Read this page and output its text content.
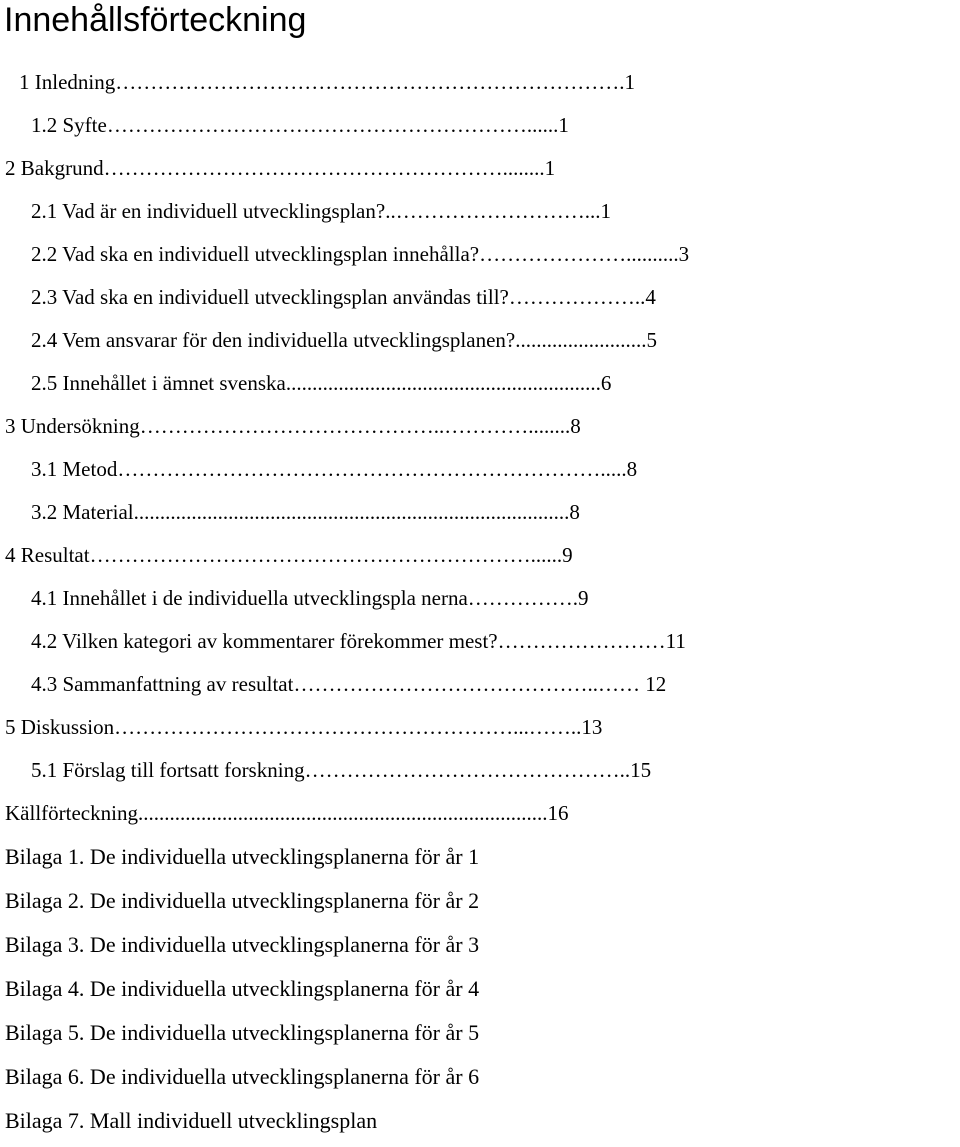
Innehållsförteckning
1 Inledning……………………………………………………………….1
1.2 Syfte……………………………………………………......1
2 Bakgrund…………………………………………………........1
2.1 Vad är en individuell utvecklingsplan?..………………………...1
2.2 Vad ska en individuell utvecklingsplan innehålla?…………………..........3
2.3 Vad ska en individuell utvecklingsplan användas till?………………..4
2.4 Vem ansvarar för den individuella utvecklingsplanen?.........................5
2.5 Innehållet i ämnet svenska............................................................6
3 Undersökning……………………………………..…………........8
3.1 Metod…………………………………………………………….....8
3.2 Material...................................................................................8
4 Resultat………………………………………………………......9
4.1 Innehållet i de individuella utvecklingspla nerna…………….9
4.2 Vilken kategori av kommentarer förekommer mest?……………………11
4.3 Sammanfattning av resultat……………………………………..…… 12
5 Diskussion…………………………………………………...……..13
5.1 Förslag till fortsatt forskning………………………………………..15
Källförteckning..............................................................................16
Bilaga 1. De individuella utvecklingsplanerna för år 1
Bilaga 2. De individuella utvecklingsplanerna för år 2
Bilaga 3. De individuella utvecklingsplanerna för år 3
Bilaga 4. De individuella utvecklingsplanerna för år 4
Bilaga 5. De individuella utvecklingsplanerna för år 5
Bilaga 6. De individuella utvecklingsplanerna för år 6
Bilaga 7. Mall individuell utvecklingsplan
